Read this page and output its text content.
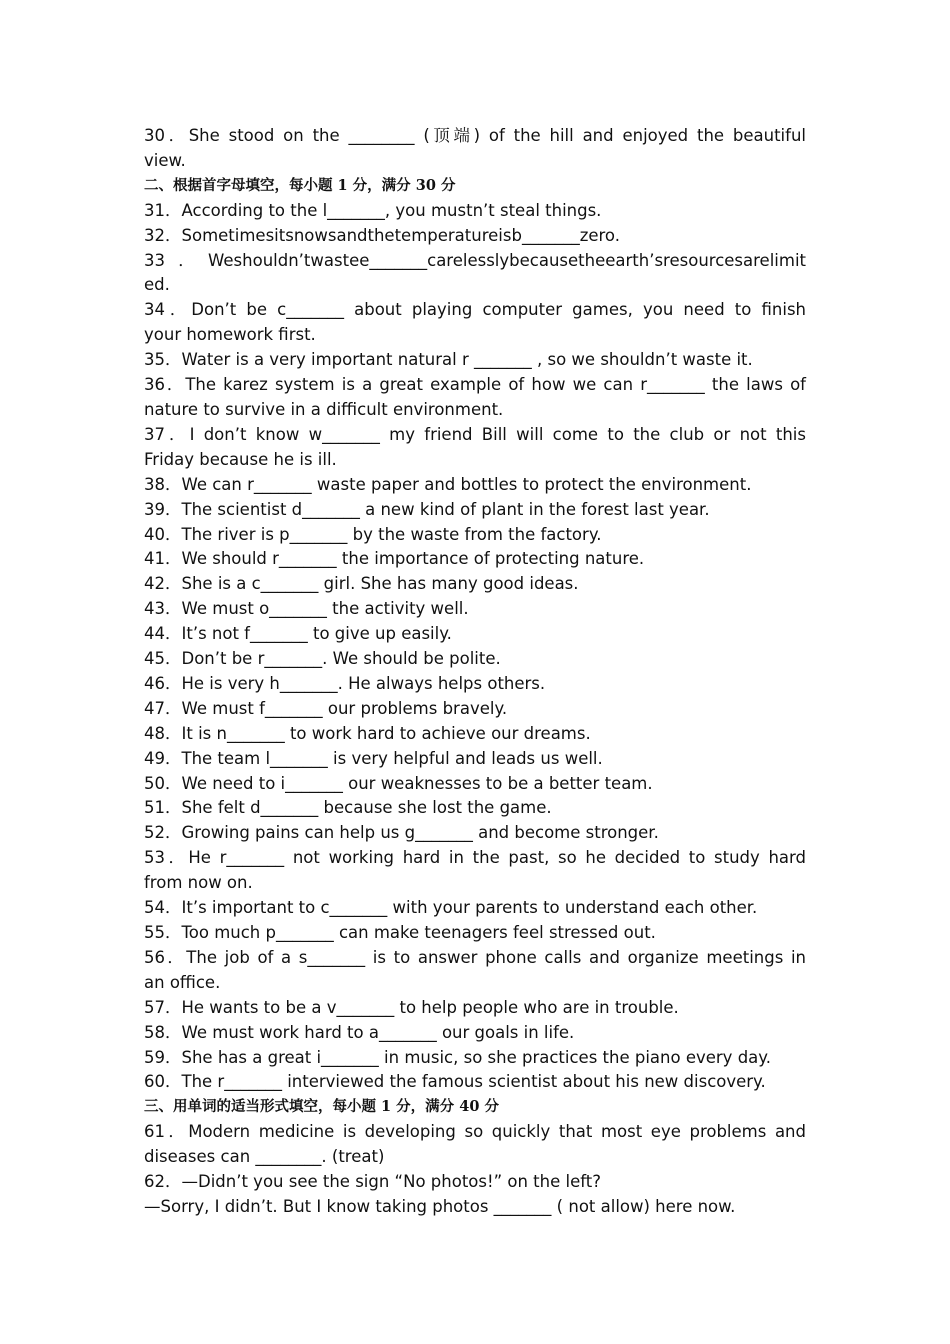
30．She stood on the ________ (顶端) of the hill and enjoyed the beautiful
view.
二、根据首字母填空，每小题 1 分，满分 30 分
31．According to the l_______, you mustn’t steal things.
32．Sometimesitsnowsandthetemperatureisb_______zero.
33．Weshouldn’twastee_______carelesslybecausetheearth’sresourcesarelimit
ed.
34．Don’t be c_______ about playing computer games, you need to finish
your homework first.
35．Water is a very important natural r _______ , so we shouldn’t waste it.
36．The karez system is a great example of how we can r_______ the laws of
nature to survive in a difficult environment.
37．I don’t know w_______ my friend Bill will come to the club or not this
Friday because he is ill.
38．We can r_______ waste paper and bottles to protect the environment.
39．The scientist d_______ a new kind of plant in the forest last year.
40．The river is p_______ by the waste from the factory.
41．We should r_______ the importance of protecting nature.
42．She is a c_______ girl. She has many good ideas.
43．We must o_______ the activity well.
44．It’s not f_______ to give up easily.
45．Don’t be r_______. We should be polite.
46．He is very h_______. He always helps others.
47．We must f_______ our problems bravely.
48．It is n_______ to work hard to achieve our dreams.
49．The team l_______ is very helpful and leads us well.
50．We need to i_______ our weaknesses to be a better team.
51．She felt d_______ because she lost the game.
52．Growing pains can help us g_______ and become stronger.
53．He r_______ not working hard in the past, so he decided to study hard
from now on.
54．It’s important to c_______ with your parents to understand each other.
55．Too much p_______ can make teenagers feel stressed out.
56．The job of a s_______ is to answer phone calls and organize meetings in
an office.
57．He wants to be a v_______ to help people who are in trouble.
58．We must work hard to a_______ our goals in life.
59．She has a great i_______ in music, so she practices the piano every day.
60．The r_______ interviewed the famous scientist about his new discovery.
三、用单词的适当形式填空，每小题 1 分，满分 40 分
61．Modern medicine is developing so quickly that most eye problems and
diseases can ________. (treat)
62．—Didn’t you see the sign “No photos!” on the left?
—Sorry, I didn’t. But I know taking photos _______ ( not allow) here now.
